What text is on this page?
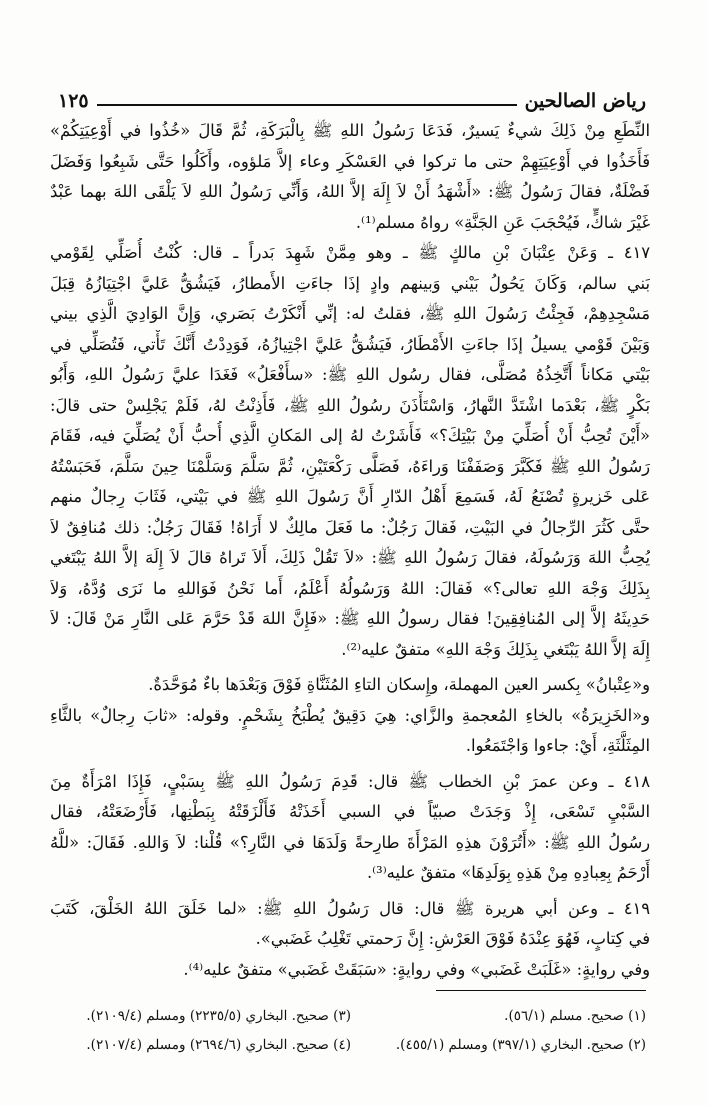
رياض الصالحين
١٢٥
النِّطَعِ مِنْ ذَلِكَ شيءٌ يَسيرٌ، فَدَعَا رَسُولُ اللهِ ﷺ بِالْبَرَكَةِ، ثُمَّ قَالَ «خُذُوا في أَوْعِيَتِكُمْ»
فَأَخَذُوا في أَوْعِيَتِهِمْ حتى ما تركوا في العَسْكَرِ وعاء إلاَّ مَلؤوه، وأَكَلُوا حَتَّى شَبِعُوا وَفَضَلَ
فَضْلَةٌ، فقالَ رَسُولُ ﷺ: «أَشْهَدُ أَنْ لاَ إِلَهَ إلاَّ اللهُ، وَأَنِّي رَسُولُ اللهِ لاَ يَلْقَى اللهَ بهما عَبْدٌ
غَيْرَ شاكٍّ، فَيُحْجَبَ عَنِ الجَنَّةِ» رواهُ مسلم⁽¹⁾.
٤١٧ ـ وَعَنْ عِتْبَانَ بْنِ مالكٍ ﷺ ـ وهو مِمَّنْ شَهِدَ بَدراً ـ قال: كُنْتُ أُصَلِّي لِقَوْمي
بَني سالم، وَكَانَ يَحُولُ بَيْني وَبينهم وادٍ إذَا جاءَتِ الأَمطارُ، فَيَشُقُّ عَليَّ اجْتِيَازُهُ قِبَلَ
مَسْجِدِهِمْ، فَجِئْتُ رَسُولَ اللهِ ﷺ، فقلتُ له: إنِّي أَنْكَرْتُ بَصَري، وَإِنَّ الوَادِيَ الَّذِي بيني
وَبَيْنَ قَوْمي يسيلُ إذَا جاءَتِ الأَمْطَارُ، فَيَشُقُّ عَليَّ اجْتِيازُهُ، فَوَدِدْتُ أَنَّكَ تَأْتي، فَتُصَلِّي في
بَيْتي مَكاناً أَتَّخِذُهُ مُصَلًّى، فقال رسُول اللهِ ﷺ: «سأَفْعَلُ» فَغَدَا عليَّ رَسُولُ اللهِ، وَأَبُو
بَكْرٍ ﷺ، بَعْدَما اشْتَدَّ النَّهارُ، وَاسْتَأْذَنَ رسُولُ اللهِ ﷺ، فَأَذِنْتُ لهُ، فَلَمْ يَجْلِسْ حتى قالَ:
«أَيْنَ تُحِبُّ أَنْ أُصَلِّيَ مِنْ بَيْتِكَ؟» فَأَشَرْتُ لهُ إلى المَكانِ الَّذِي أُحبُّ أَنْ يُصَلِّيَ فيه، فَقَامَ
رَسُولُ اللهِ ﷺ فَكَبَّرَ وَصَفَفْنَا وَراءَهُ، فَصَلَّى رَكْعَتَيْنِ، ثُمَّ سَلَّمَ وَسَلَّمْنَا حِينَ سَلَّمَ، فَحَبَسْتُهُ
عَلى خَزيرةٍ تُصْنَعُ لَهُ، فَسَمِعَ أَهْلُ الدّارِ أَنَّ رَسُولَ اللهِ ﷺ في بَيْتي، فَثَابَ رِجالٌ منهم
حتَّى كَثُرَ الرِّجالُ في البَيْتِ، فَقالَ رَجُلٌ: ما فَعَلَ مالِكٌ لا أَرَاهُ! فَقَالَ رَجُلٌ: ذلك مُنافِقٌ لاَ
يُحِبُّ اللهَ وَرَسُولَهُ، فقالَ رَسُولُ اللهِ ﷺ: «لاَ تَقُلْ ذَلِكَ، أَلاَ تَراهُ قالَ لاَ إِلَهَ إلاَّ اللهُ يَبْتَغي
بِذَلِكَ وَجْهَ اللهِ تعالى؟» فَقالَ: اللهُ وَرَسُولُهُ أَعْلَمُ، أَما نَحْنُ فَوَاللهِ ما نَرَى وُدَّهُ، وَلاَ
حَدِيثَهُ إلاَّ إلى المُنافِقِينَ! فقال رسولُ اللهِ ﷺ: «فَإِنَّ اللهَ قَدْ حَرَّمَ عَلى النَّارِ مَنْ قَالَ: لاَ
إِلَهَ إلاَّ اللهُ يَبْتَغي بِذَلِكَ وَجْهَ اللهِ» متفقٌ عليه⁽²⁾.
و«عِتْبانُ» بِكسر العين المهملة، وإِسكان التاءِ المُثَنَّاةِ فَوْقَ وَبَعْدَها باءٌ مُوَحَّدَةٌ.
و«الخَزِيرَةُ» بالخاءِ المُعجمةِ والزَّاي: هِيَ دَقِيقٌ يُطْبَخُ بِشَحْمٍ. وقوله: «ثابَ رِجالٌ» بالثَّاءِ
المِثَلَّثَةِ، أَيْ: جاءوا وَاجْتَمَعُوا.
٤١٨ ـ وعن عمرَ بْنِ الخطاب ﷺ قال: قَدِمَ رَسُولُ اللهِ ﷺ بِسَبْيٍ، فَإِذَا امْرَأَةٌ مِنَ
السَّبْيِ تَسْعَى، إِذْ وَجَدَتْ صبيّاً في السبي أَخَذَتْهُ فَأَلْزَقَتْهُ بِبَطْنِها، فَأَرْضَعَتْهُ، فقال
رسُولُ اللهِ ﷺ: «أَتُرَوْنَ هذِهِ المَرْأَةَ طارِحةً وَلَدَهَا في النَّارِ؟» قُلْنا: لاَ وَاللهِ. فَقَالَ: «للَّهُ
أَرْحَمُ بِعِبادِهِ مِنْ هَذِهِ بِوَلَدِهَا» متفقٌ عليه⁽³⁾.
٤١٩ ـ وعن أبي هريرة ﷺ قال: قال رَسُولُ اللهِ ﷺ: «لما خَلَقَ اللهُ الخَلْقَ، كَتَبَ
في كِتابٍ، فَهُوَ عِنْدَهُ فَوْقَ العَرْشِ: إِنَّ رَحمتي تَغْلِبُ غَضَبي».
وفي روايةٍ: «غَلَبَتْ غَضَبي» وفي روايةٍ: «سَبَقَتْ غَضَبي» متفقٌ عليه⁽⁴⁾.
(١) صحيح. مسلم (٥٦/١).
(٣) صحيح. البخاري (٢٢٣٥/٥) ومسلم (٢١٠٩/٤).
(٢) صحيح. البخاري (٣٩٧/١) ومسلم (٤٥٥/١).
(٤) صحيح. البخاري (٢٦٩٤/٦) ومسلم (٢١٠٧/٤).
